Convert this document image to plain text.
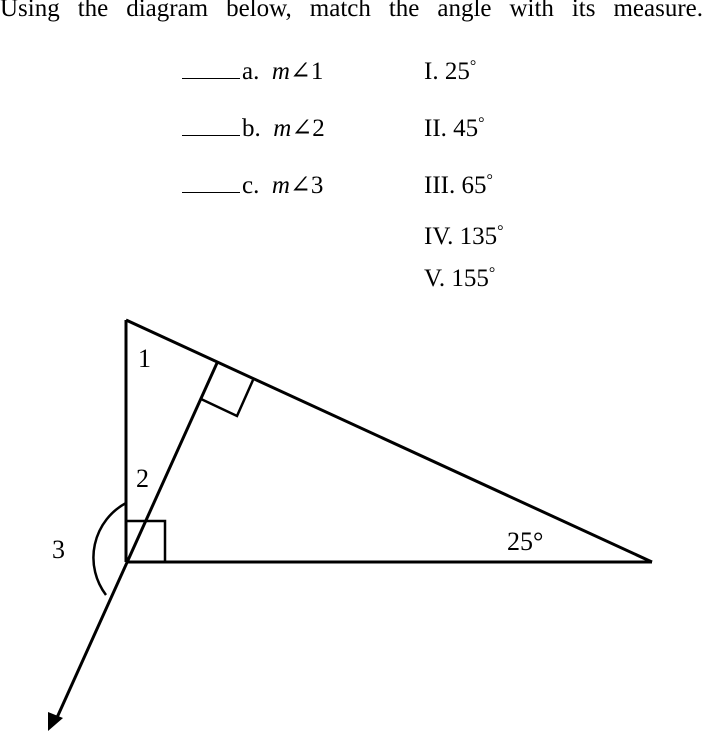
Using the diagram below, match the angle with its measure.
a. m∠1
b. m∠2
c. m∠3
I. 25°
II. 45°
III. 65°
IV. 135°
V. 155°
1
2
3	25°
